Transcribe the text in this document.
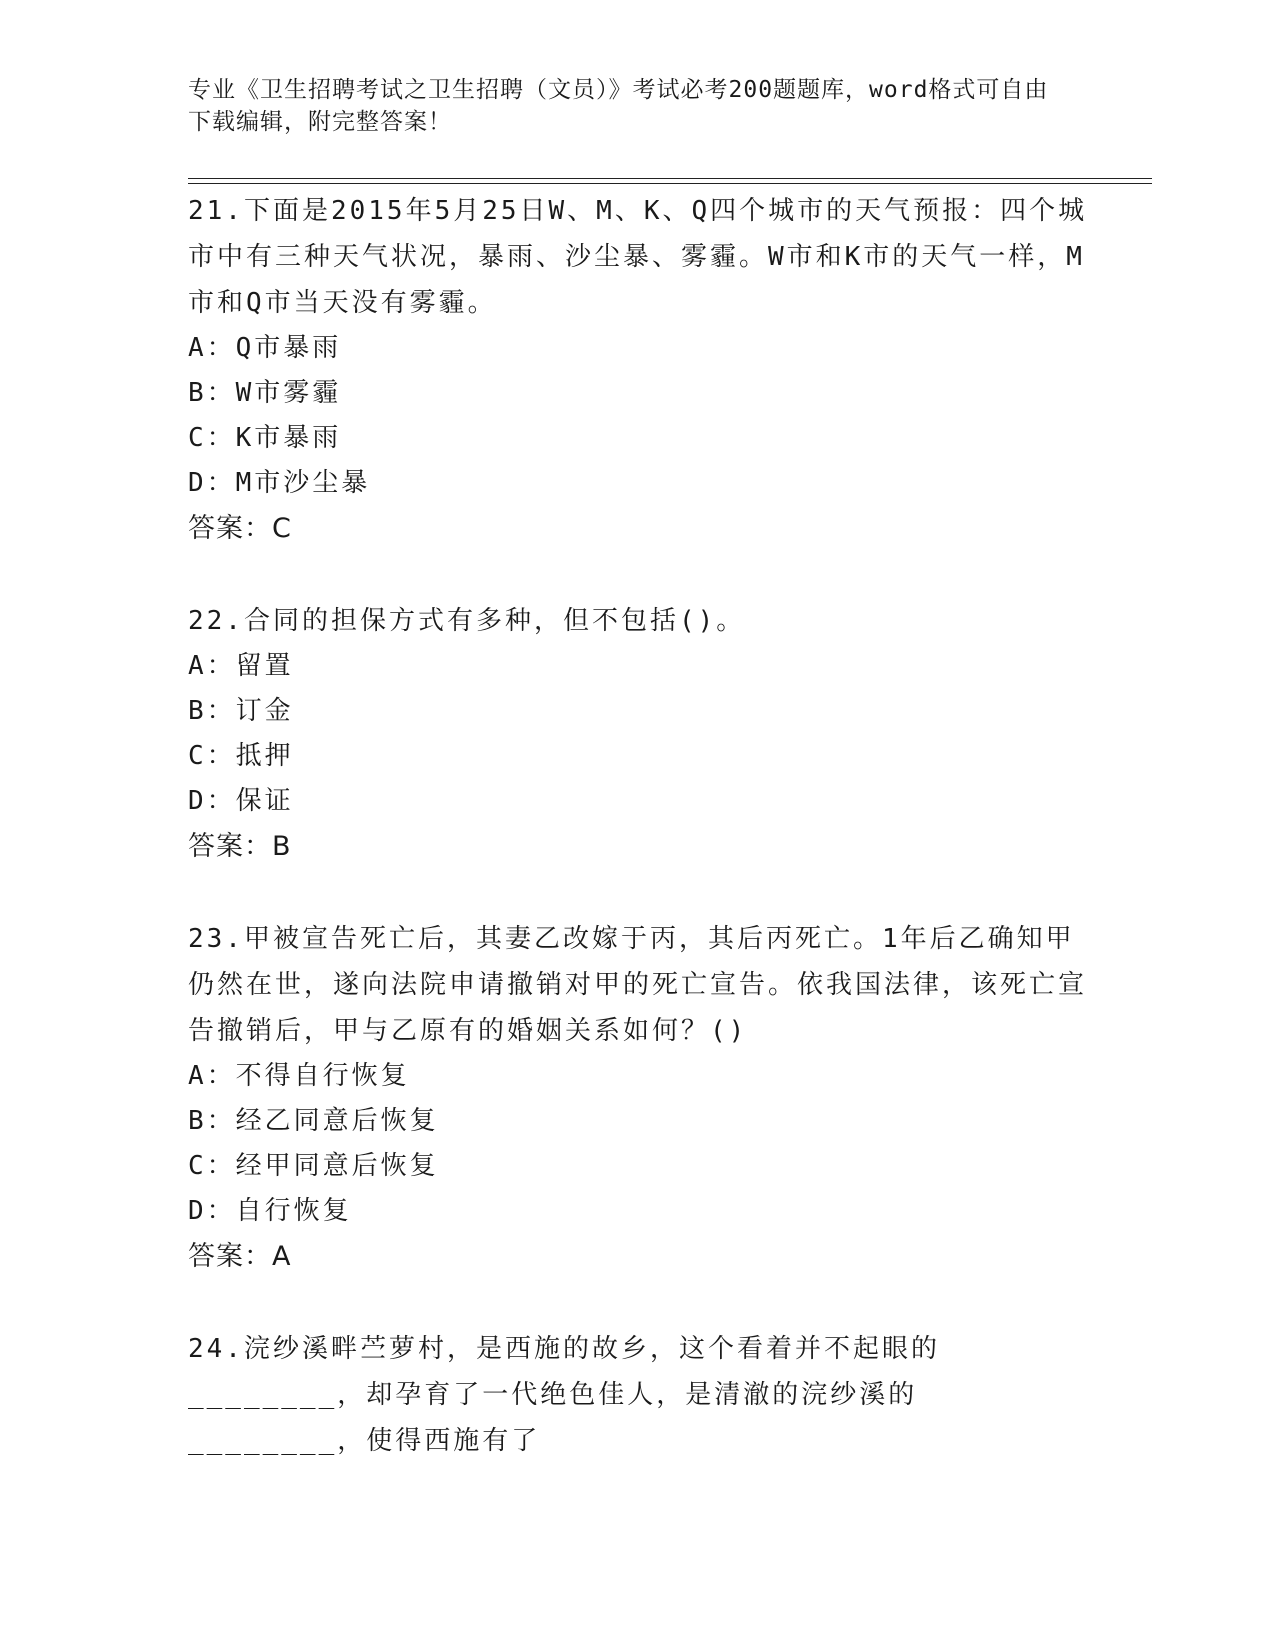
专业《卫生招聘考试之卫生招聘（文员）》考试必考200题题库，word格式可自由下载编辑，附完整答案！

21.下面是2015年5月25日W、M、K、Q四个城市的天气预报：四个城市中有三种天气状况，暴雨、沙尘暴、雾霾。W市和K市的天气一样，M市和Q市当天没有雾霾。

A：Q市暴雨

B：W市雾霾

C：K市暴雨

D：M市沙尘暴

答案：C

22.合同的担保方式有多种，但不包括()。

A：留置

B：订金

C：抵押

D：保证

答案：B

23.甲被宣告死亡后，其妻乙改嫁于丙，其后丙死亡。1年后乙确知甲仍然在世，遂向法院申请撤销对甲的死亡宣告。依我国法律，该死亡宣告撤销后，甲与乙原有的婚姻关系如何？()

A：不得自行恢复

B：经乙同意后恢复

C：经甲同意后恢复

D：自行恢复

答案：A

24.浣纱溪畔苎萝村，是西施的故乡，这个看着并不起眼的________，却孕育了一代绝色佳人，是清澈的浣纱溪的________，使得西施有了
